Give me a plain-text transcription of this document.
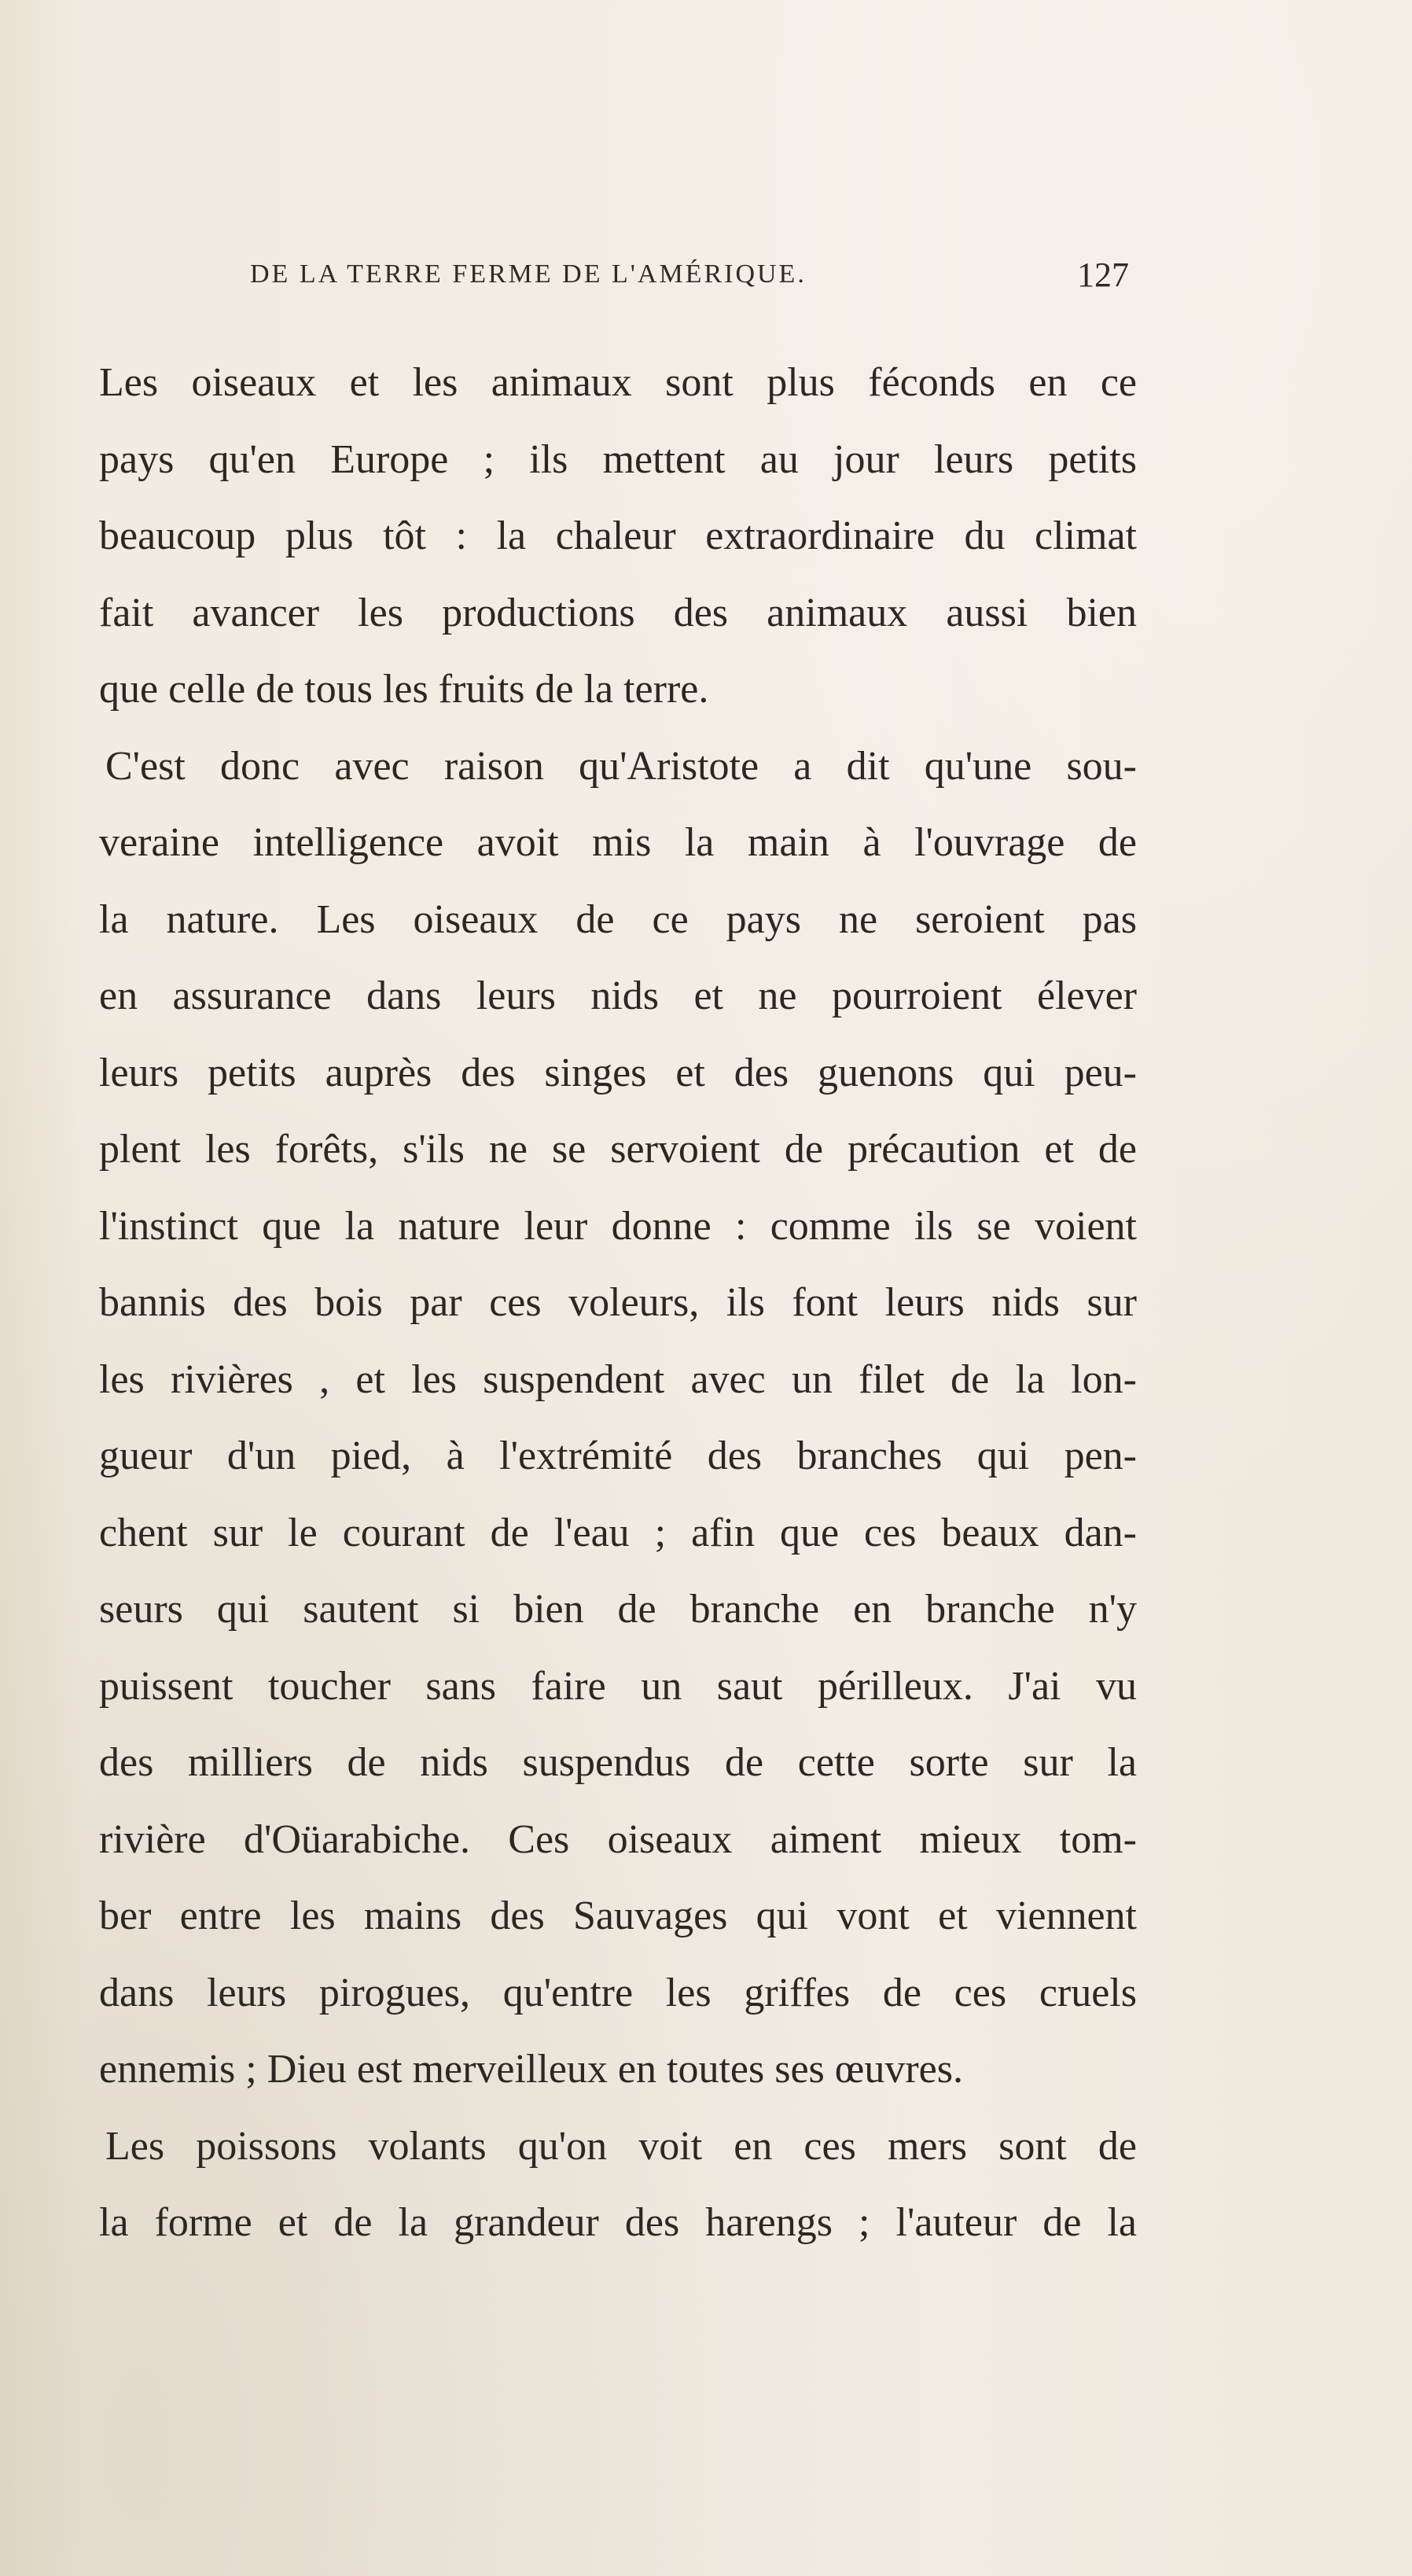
DE LA TERRE FERME DE L'AMÉRIQUE.	127

Les oiseaux et les animaux sont plus féconds en ce
pays qu'en Europe ; ils mettent au jour leurs petits
beaucoup plus tôt : la chaleur extraordinaire du climat
fait avancer les productions des animaux aussi bien
que celle de tous les fruits de la terre.

C'est donc avec raison qu'Aristote a dit qu'une sou-
veraine intelligence avoit mis la main à l'ouvrage de
la nature. Les oiseaux de ce pays ne seroient pas
en assurance dans leurs nids et ne pourroient élever
leurs petits auprès des singes et des guenons qui peu-
plent les forêts, s'ils ne se servoient de précaution et de
l'instinct que la nature leur donne : comme ils se voient
bannis des bois par ces voleurs, ils font leurs nids sur
les rivières , et les suspendent avec un filet de la lon-
gueur d'un pied, à l'extrémité des branches qui pen-
chent sur le courant de l'eau ; afin que ces beaux dan-
seurs qui sautent si bien de branche en branche n'y
puissent toucher sans faire un saut périlleux. J'ai vu
des milliers de nids suspendus de cette sorte sur la
rivière d'Oüarabiche. Ces oiseaux aiment mieux tom-
ber entre les mains des Sauvages qui vont et viennent
dans leurs pirogues, qu'entre les griffes de ces cruels
ennemis ; Dieu est merveilleux en toutes ses œuvres.

Les poissons volants qu'on voit en ces mers sont de
la forme et de la grandeur des harengs ; l'auteur de la
